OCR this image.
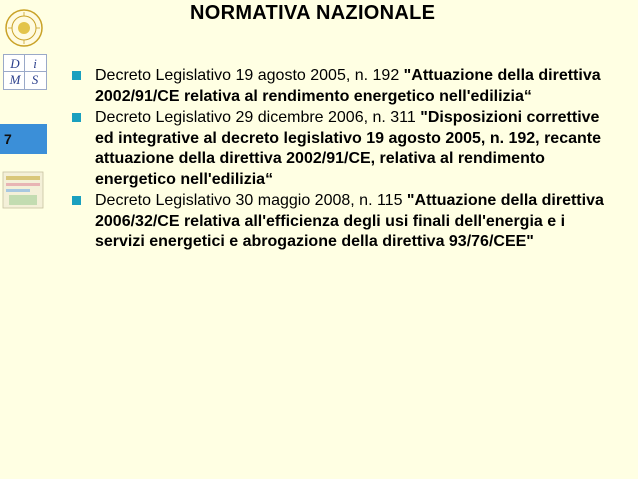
D	i
M S
7
NORMATIVA NAZIONALE
Decreto Legislativo 19 agosto 2005, n. 192 "Attuazione della direttiva 2002/91/CE relativa al rendimento energetico nell'edilizia“
Decreto Legislativo 29 dicembre 2006, n. 311 "Disposizioni correttive ed integrative al decreto legislativo 19 agosto 2005, n. 192, recante attuazione della direttiva 2002/91/CE, relativa al rendimento energetico nell'edilizia“
Decreto Legislativo 30 maggio 2008, n. 115 "Attuazione della direttiva 2006/32/CE relativa all'efficienza degli usi finali dell'energia e i servizi energetici e abrogazione della direttiva 93/76/CEE"
